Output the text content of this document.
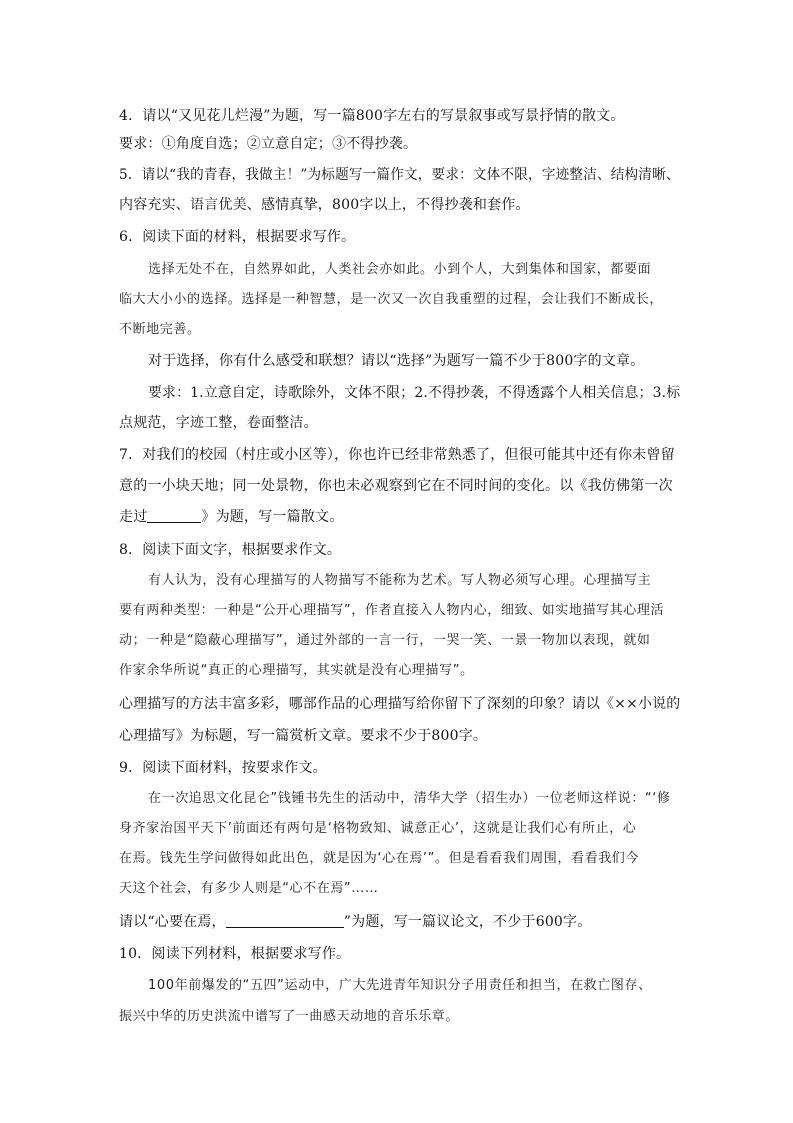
4．请以“又见花儿烂漫”为题，写一篇800字左右的写景叙事或写景抒情的散文。
要求：①角度自选；②立意自定；③不得抄袭。
5．请以“我的青春，我做主！”为标题写一篇作文，要求：文体不限，字迹整洁、结构清晰、
内容充实、语言优美、感情真挚，800字以上，不得抄袭和套作。
6．阅读下面的材料，根据要求写作。
选择无处不在，自然界如此，人类社会亦如此。小到个人，大到集体和国家，都要面
临大大小小的选择。选择是一种智慧，是一次又一次自我重塑的过程，会让我们不断成长，
不断地完善。
对于选择，你有什么感受和联想？请以“选择”为题写一篇不少于800字的文章。
要求：1.立意自定，诗歌除外，文体不限；2.不得抄袭，不得透露个人相关信息；3.标
点规范，字迹工整，卷面整洁。
7．对我们的校园（村庄或小区等），你也许已经非常熟悉了，但很可能其中还有你未曾留
意的一小块天地；同一处景物，你也未必观察到它在不同时间的变化。以《我仿佛第一次
走过	》为题，写一篇散文。
8．阅读下面文字，根据要求作文。
有人认为，没有心理描写的人物描写不能称为艺术。写人物必须写心理。心理描写主
要有两种类型：一种是“公开心理描写”，作者直接入人物内心，细致、如实地描写其心理活
动；一种是“隐蔽心理描写”，通过外部的一言一行，一哭一笑、一景一物加以表现，就如
作家余华所说“真正的心理描写，其实就是没有心理描写”。
心理描写的方法丰富多彩，哪部作品的心理描写给你留下了深刻的印象？请以《××小说的
心理描写》为标题，写一篇赏析文章。要求不少于800字。
9．阅读下面材料，按要求作文。
在一次追思文化昆仑”钱锺书先生的活动中，清华大学（招生办）一位老师这样说：“‘修
身齐家治国平天下’前面还有两句是‘格物致知、诚意正心’，这就是让我们心有所止，心
在焉。钱先生学问做得如此出色，就是因为‘心在焉’”。但是看看我们周围，看看我们今
天这个社会，有多少人则是“心不在焉”……
请以“心要在焉，	”为题，写一篇议论文，不少于600字。
10．阅读下列材料，根据要求写作。
100年前爆发的“五四”运动中，广大先进青年知识分子用责任和担当，在救亡图存、
振兴中华的历史洪流中谱写了一曲感天动地的音乐乐章。
